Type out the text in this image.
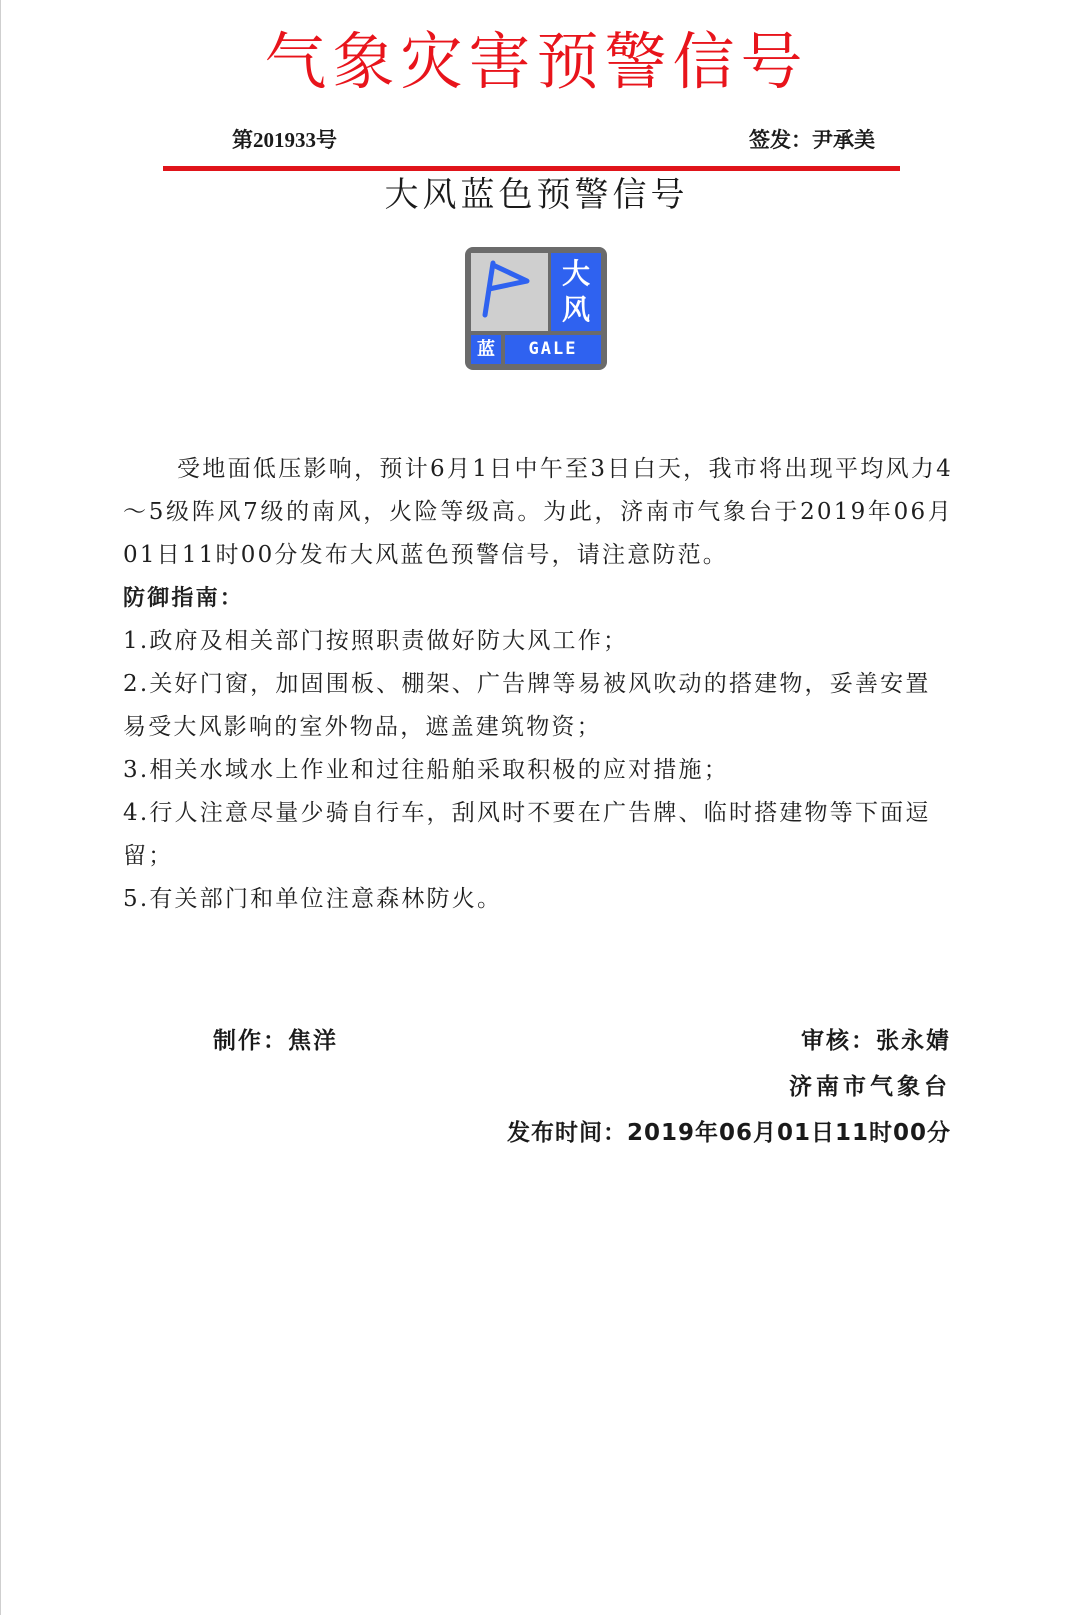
气象灾害预警信号
第201933号	签发：尹承美
大风蓝色预警信号
大
风
蓝	GALE

受地面低压影响，预计6月1日中午至3日白天，我市将出现平均风力4～5级阵风7级的南风，火险等级高。为此，济南市气象台于2019年06月01日11时00分发布大风蓝色预警信号，请注意防范。

防御指南：

1.政府及相关部门按照职责做好防大风工作；
2.关好门窗，加固围板、棚架、广告牌等易被风吹动的搭建物，妥善安置易受大风影响的室外物品，遮盖建筑物资；
3.相关水域水上作业和过往船舶采取积极的应对措施；
4.行人注意尽量少骑自行车，刮风时不要在广告牌、临时搭建物等下面逗留；
5.有关部门和单位注意森林防火。
制作：焦洋	审核：张永婧
济南市气象台
发布时间：2019年06月01日11时00分
